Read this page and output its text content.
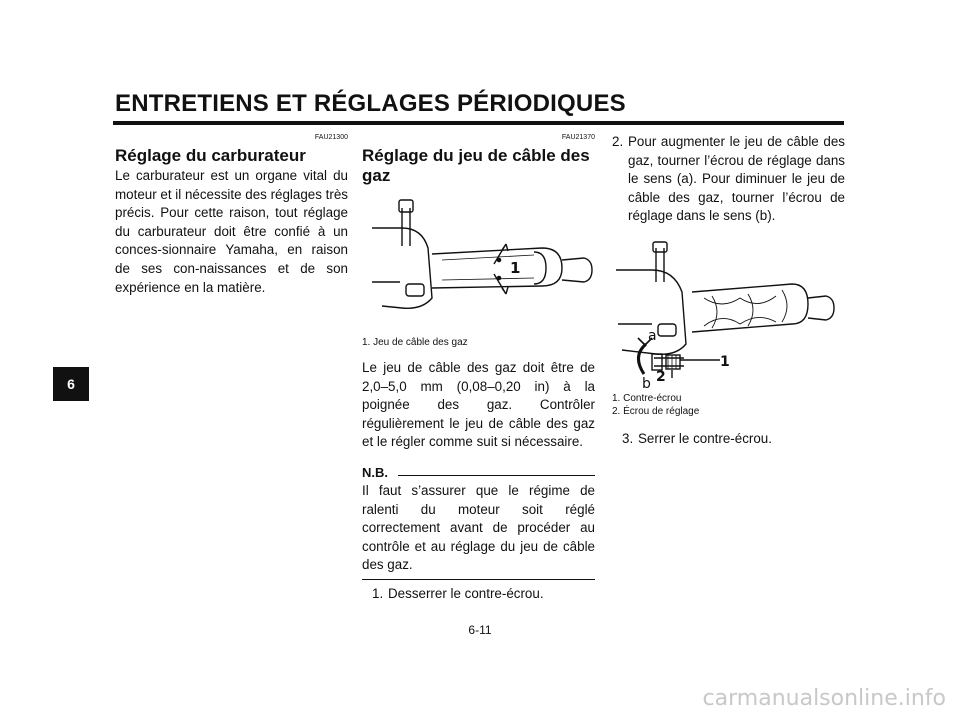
ENTRETIENS ET RÉGLAGES PÉRIODIQUES
6
FAU21300
Réglage du carburateur

Le carburateur est un organe vital du moteur et il nécessite des réglages très précis. Pour cette raison, tout réglage du carburateur doit être confié à un conces-sionnaire Yamaha, en raison de ses con-naissances et de son expérience en la matière.

FAU21370
Réglage du jeu de câble des
gaz
1
1. Jeu de câble des gaz

Le jeu de câble des gaz doit être de 2,0–5,0 mm (0,08–0,20 in) à la poignée des gaz. Contrôler régulièrement le jeu de câble des gaz et le régler comme suit si nécessaire.

N.B.

Il faut s’assurer que le régime de ralenti du moteur soit réglé correctement avant de procéder au contrôle et au réglage du jeu de câble des gaz.

1. Desserrer le contre-écrou.
2. Pour augmenter le jeu de câble des gaz, tourner l’écrou de réglage dans le sens (a). Pour diminuer le jeu de câble des gaz, tourner l’écrou de réglage dans le sens (b).
a
b
1
2
1. Contre-écrou
2. Écrou de réglage
3. Serrer le contre-écrou.
6-11
carmanualsonline.info
